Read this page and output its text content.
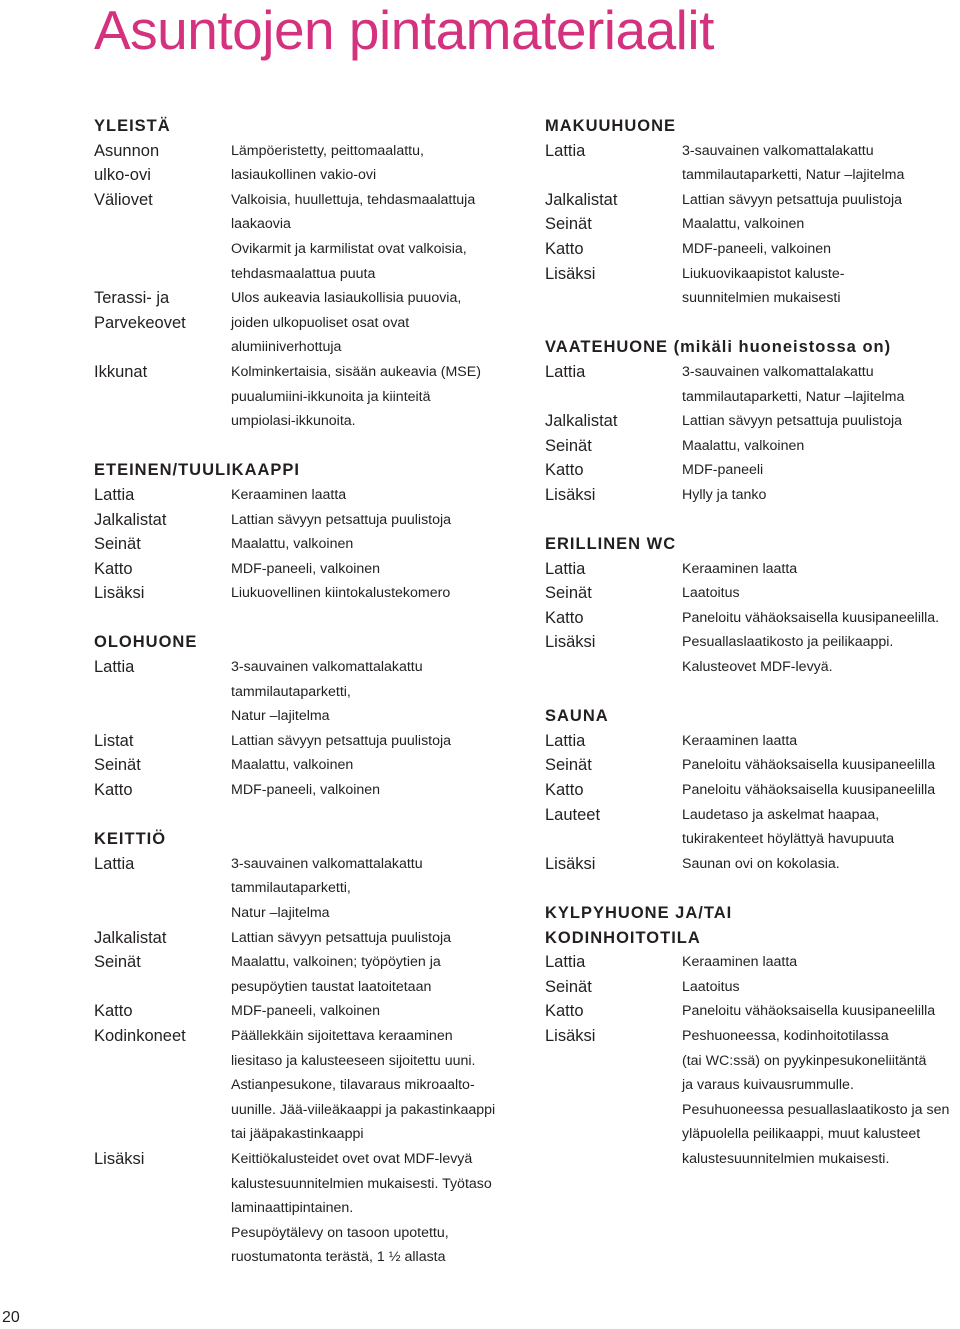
Asuntojen pintamateriaalit
YLEISTÄ
Asunnon	Lämpöeristetty, peittomaalattu,
ulko-ovi	lasiaukollinen vakio-ovi
Väliovet	Valkoisia, huullettuja, tehdasmaalattuja
laakaovia
Ovikarmit ja karmilistat ovat valkoisia,
tehdasmaalattua puuta
Terassi- ja	Ulos aukeavia lasiaukollisia puuovia,
Parvekeovet	joiden ulkopuoliset osat ovat
alumiiniverhottuja
Ikkunat	Kolminkertaisia, sisään aukeavia (MSE)
puualumiini-ikkunoita ja kiinteitä
umpiolasi-ikkunoita.
ETEINEN/TUULIKAAPPI
Lattia	Keraaminen laatta
Jalkalistat	Lattian sävyyn petsattuja puulistoja
Seinät	Maalattu, valkoinen
Katto	MDF-paneeli, valkoinen
Lisäksi	Liukuovellinen kiintokalustekomero
OLOHUONE
Lattia	3-sauvainen valkomattalakattu
tammilautaparketti,
Natur –lajitelma
Listat	Lattian sävyyn petsattuja puulistoja
Seinät	Maalattu, valkoinen
Katto	MDF-paneeli, valkoinen
KEITTIÖ
Lattia	3-sauvainen valkomattalakattu
tammilautaparketti,
Natur –lajitelma
Jalkalistat	Lattian sävyyn petsattuja puulistoja
Seinät	Maalattu, valkoinen; työpöytien ja
pesupöytien taustat laatoitetaan
Katto	MDF-paneeli, valkoinen
Kodinkoneet	Päällekkäin sijoitettava keraaminen
liesitaso ja kalusteeseen sijoitettu uuni.
Astianpesukone, tilavaraus mikroaalto-
uunille. Jää-viileäkaappi ja pakastinkaappi
tai jääpakastinkaappi
Lisäksi	Keittiökalusteidet ovet ovat MDF-levyä
kalustesuunnitelmien mukaisesti. Työtaso
laminaattipintainen.
Pesupöytälevy on tasoon upotettu,
ruostumatonta terästä, 1 ½ allasta
MAKUUHUONE
Lattia	3-sauvainen valkomattalakattu
tammilautaparketti, Natur –lajitelma
Jalkalistat	Lattian sävyyn petsattuja puulistoja
Seinät	Maalattu, valkoinen
Katto	MDF-paneeli, valkoinen
Lisäksi	Liukuovikaapistot kaluste-
suunnitelmien mukaisesti
VAATEHUONE (mikäli huoneistossa on)
Lattia	3-sauvainen valkomattalakattu
tammilautaparketti, Natur –lajitelma
Jalkalistat	Lattian sävyyn petsattuja puulistoja
Seinät	Maalattu, valkoinen
Katto	MDF-paneeli
Lisäksi	Hylly ja tanko
ERILLINEN WC
Lattia	Keraaminen laatta
Seinät	Laatoitus
Katto	Paneloitu vähäoksaisella kuusipaneelilla.
Lisäksi	Pesuallaslaatikosto ja peilikaappi.
Kalusteovet MDF-levyä.
SAUNA
Lattia	Keraaminen laatta
Seinät	Paneloitu vähäoksaisella kuusipaneelilla
Katto	Paneloitu vähäoksaisella kuusipaneelilla
Lauteet	Laudetaso ja askelmat haapaa,
tukirakenteet höylättyä havupuuta
Lisäksi	Saunan ovi on kokolasia.
KYLPYHUONE JA/TAI
KODINHOITOTILA
Lattia	Keraaminen laatta
Seinät	Laatoitus
Katto	Paneloitu vähäoksaisella kuusipaneelilla
Lisäksi	Peshuoneessa, kodinhoitotilassa
(tai WC:ssä) on pyykinpesukoneliitäntä
ja varaus kuivausrummulle.
Pesuhuoneessa pesuallaslaatikosto ja sen
yläpuolella peilikaappi, muut kalusteet
kalustesuunnitelmien mukaisesti.
20
